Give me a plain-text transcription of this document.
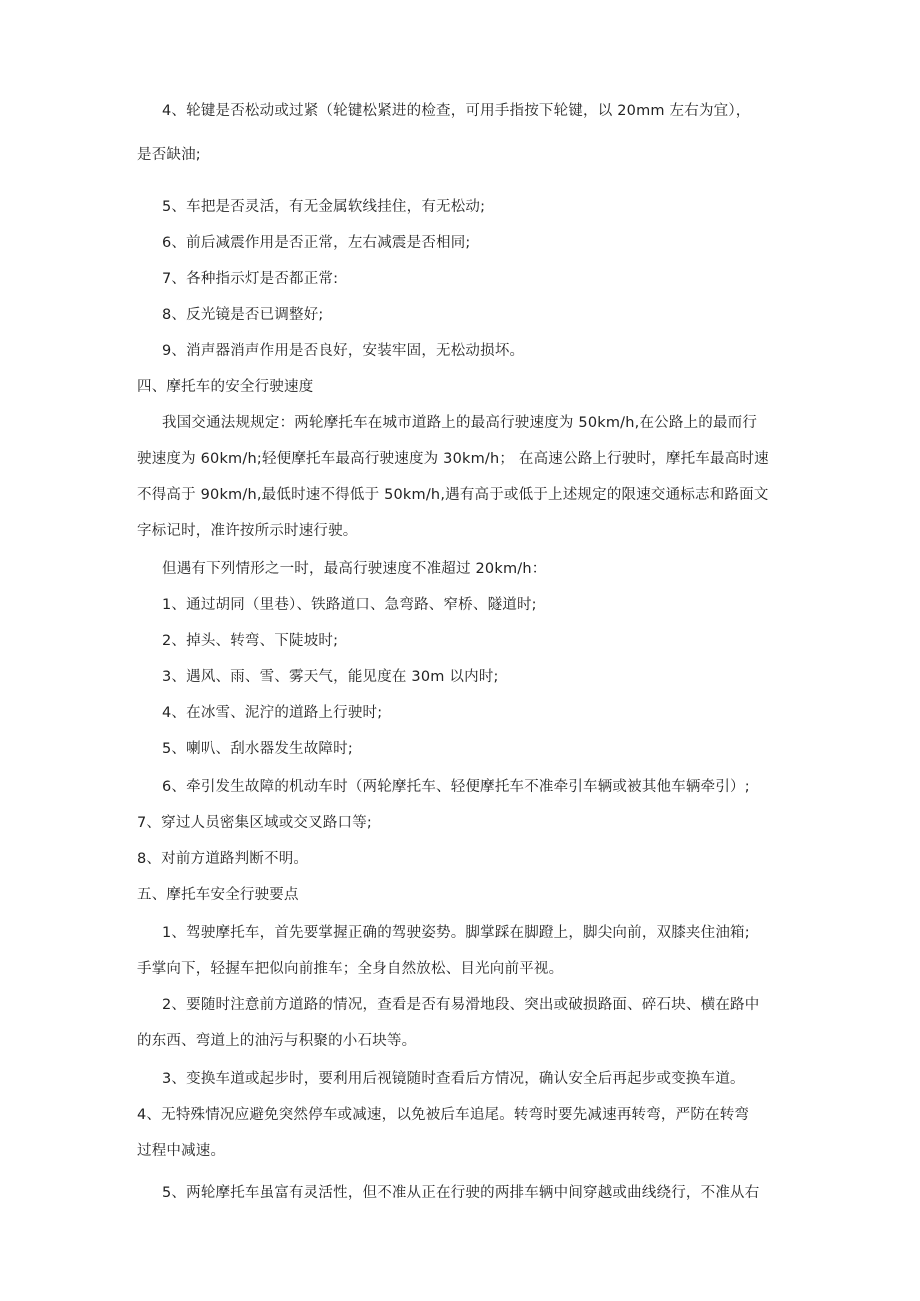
4、轮键是否松动或过紧（轮键松紧进的检查，可用手指按下轮键，以 20mm 左右为宜），
是否缺油;
5、车把是否灵活，有无金属软线挂住，有无松动;
6、前后减震作用是否正常，左右减震是否相同;
7、各种指示灯是否都正常:
8、反光镜是否已调整好;
9、消声器消声作用是否良好，安装牢固，无松动损坏。
四、摩托车的安全行驶速度
我国交通法规规定：两轮摩托车在城市道路上的最高行驶速度为 50km∕h,在公路上的最而行
驶速度为 60km∕h;轻便摩托车最高行驶速度为 30km/h； 在高速公路上行驶时，摩托车最高时速
不得高于 90km∕h,最低时速不得低于 50km∕h,遇有高于或低于上述规定的限速交通标志和路面文
字标记时，准许按所示时速行驶。
但遇有下列情形之一时，最高行驶速度不准超过 20km/h：
1、通过胡同（里巷）、铁路道口、急弯路、窄桥、隧道时;
2、掉头、转弯、下陡坡时;
3、遇风、雨、雪、雾天气，能见度在 30m 以内时;
4、在冰雪、泥泞的道路上行驶时;
5、喇叭、刮水器发生故障时;
6、牵引发生故障的机动车时（两轮摩托车、轻便摩托车不准牵引车辆或被其他车辆牵引）;
7、穿过人员密集区域或交叉路口等;
8、对前方道路判断不明。
五、摩托车安全行驶要点
1、驾驶摩托车，首先要掌握正确的驾驶姿势。脚掌踩在脚蹬上，脚尖向前，双膝夹住油箱;
手掌向下，轻握车把似向前推车；全身自然放松、目光向前平视。
2、要随时注意前方道路的情况，查看是否有易滑地段、突出或破损路面、碎石块、横在路中
的东西、弯道上的油污与积聚的小石块等。
3、变换车道或起步时，要利用后视镜随时查看后方情况，确认安全后再起步或变换车道。
4、无特殊情况应避免突然停车或减速，以免被后车追尾。转弯时要先减速再转弯，严防在转弯
过程中减速。
5、两轮摩托车虽富有灵活性，但不准从正在行驶的两排车辆中间穿越或曲线绕行，不准从右
